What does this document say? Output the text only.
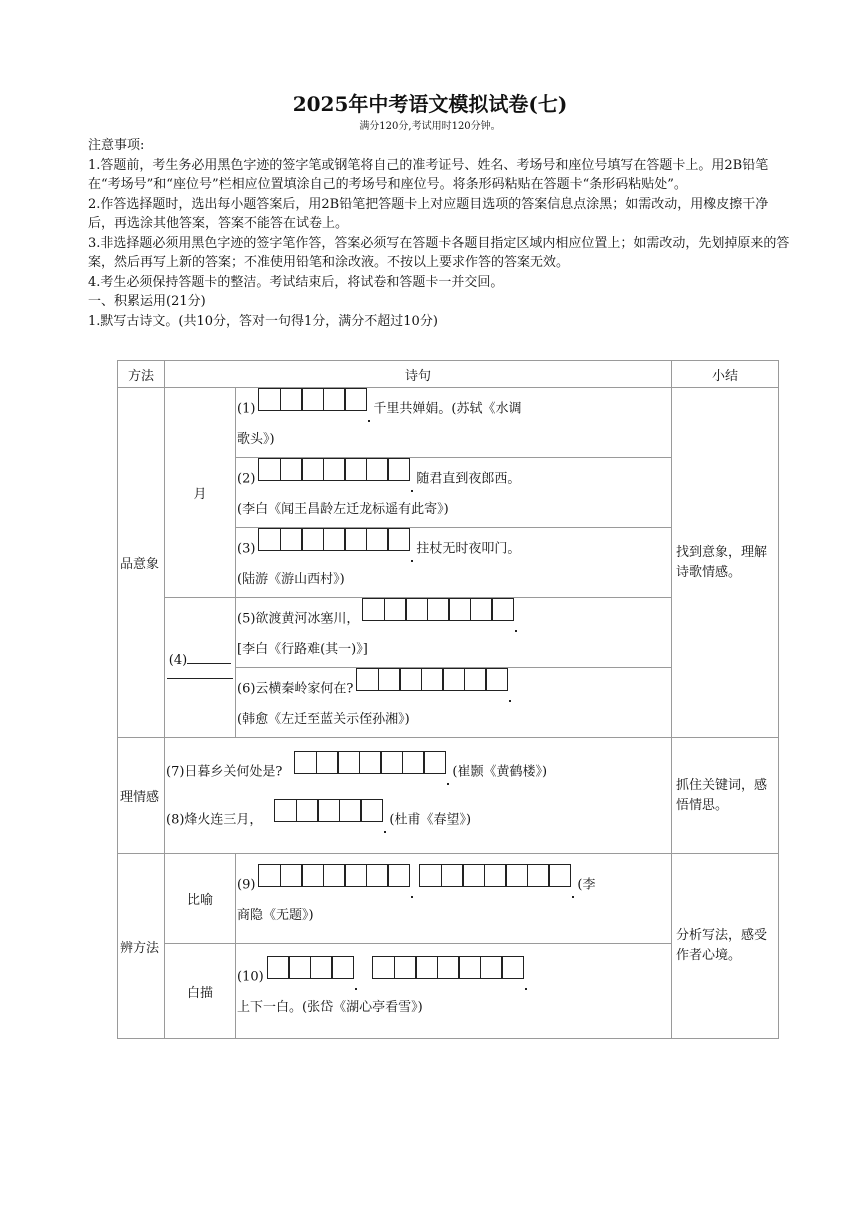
2025年中考语文模拟试卷(七)
满分120分,考试用时120分钟。

注意事项:

1.答题前，考生务必用黑色字迹的签字笔或钢笔将自己的准考证号、姓名、考场号和座位号填写在答题卡上。用2B铅笔在“考场号”和“座位号”栏相应位置填涂自己的考场号和座位号。将条形码粘贴在答题卡“条形码粘贴处”。

2.作答选择题时，选出每小题答案后，用2B铅笔把答题卡上对应题目选项的答案信息点涂黑；如需改动，用橡皮擦干净后，再选涂其他答案，答案不能答在试卷上。

3.非选择题必须用黑色字迹的签字笔作答，答案必须写在答题卡各题目指定区域内相应位置上；如需改动，先划掉原来的答案，然后再写上新的答案；不准使用铅笔和涂改液。不按以上要求作答的答案无效。

4.考生必须保持答题卡的整洁。考试结束后，将试卷和答题卡一并交回。

一、积累运用(21分)

1.默写古诗文。(共10分，答对一句得1分，满分不超过10分)

方法	诗句		小结
品意象	月	(1) 千里共婵娟。(苏轼《水调
歌头》)	找到意象，理解诗歌情感。
		(2) 随君直到夜郎西。
(李白《闻王昌龄左迁龙标遥有此寄》)	
		(3) 拄杖无时夜叩门。
(陆游《游山西村》)	
	(4)	(5)欲渡黄河冰塞川，
[李白《行路难(其一)》]	
		(6)云横秦岭家何在?
(韩愈《左迁至蓝关示侄孙湘》)	
理情感	(7)日暮乡关何处是? (崔颢《黄鹤楼》)
(8)烽火连三月， (杜甫《春望》)		抓住关键词，感悟情思。
辨方法	比喻	(9) (李
商隐《无题》)	分析写法，感受作者心境。
	白描	(10)
上下一白。(张岱《湖心亭看雪》)	
